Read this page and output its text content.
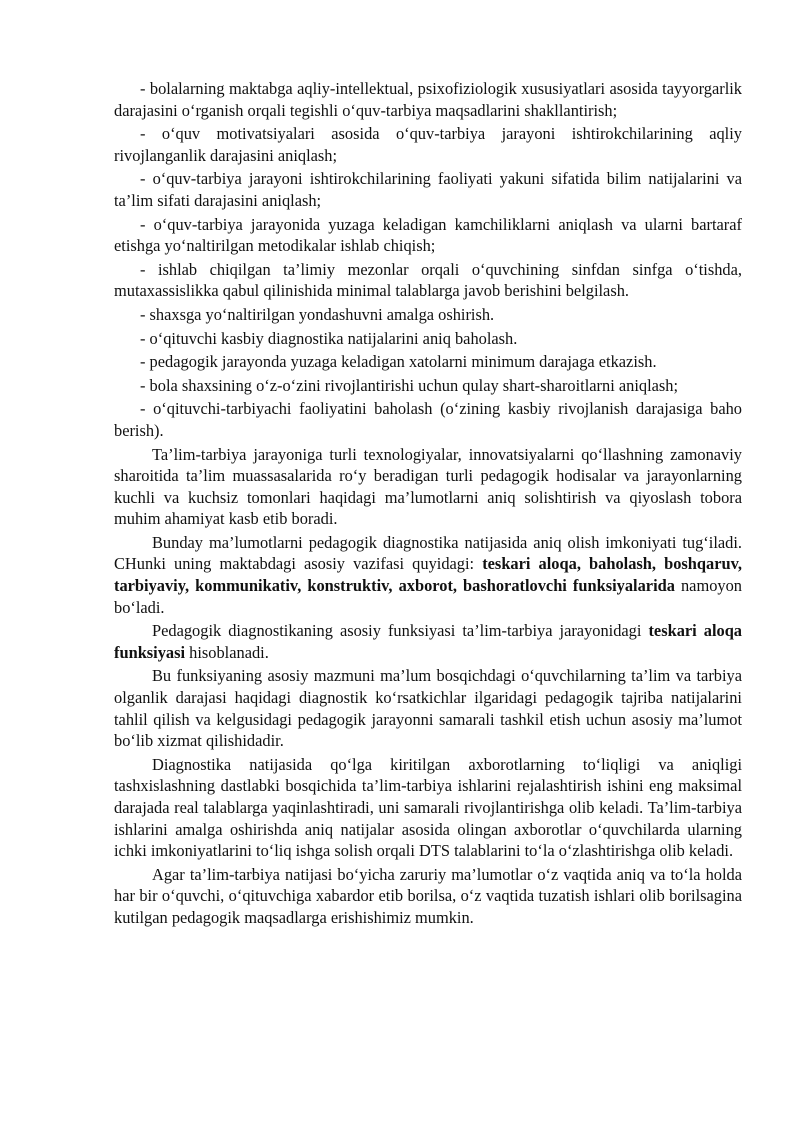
- bolalarning maktabga aqliy-intellektual, psixofiziologik xususiyatlari asosida tayyorgarlik darajasini o‘rganish orqali tegishli o‘quv-tarbiya maqsadlarini shakllantirish;

- o‘quv motivatsiyalari asosida o‘quv-tarbiya jarayoni ishtirokchilarining aqliy rivojlanganlik darajasini aniqlash;

- o‘quv-tarbiya jarayoni ishtirokchilarining faoliyati yakuni sifatida bilim natijalarini va ta’lim sifati darajasini aniqlash;

- o‘quv-tarbiya jarayonida yuzaga keladigan kamchiliklarni aniqlash va ularni bartaraf etishga yo‘naltirilgan metodikalar ishlab chiqish;

- ishlab chiqilgan ta’limiy mezonlar orqali o‘quvchining sinfdan sinfga o‘tishda, mutaxassislikka qabul qilinishida minimal talablarga javob berishini belgilash.

- shaxsga yo‘naltirilgan yondashuvni amalga oshirish.

- o‘qituvchi kasbiy diagnostika natijalarini aniq baholash.

- pedagogik jarayonda yuzaga keladigan xatolarni minimum darajaga etkazish.

- bola shaxsining o‘z-o‘zini rivojlantirishi uchun qulay shart-sharoitlarni aniqlash;

- o‘qituvchi-tarbiyachi faoliyatini baholash (o‘zining kasbiy rivojlanish darajasiga baho berish).

Ta’lim-tarbiya jarayoniga turli texnologiyalar, innovatsiyalarni qo‘llashning zamonaviy sharoitida ta’lim muassasalarida ro‘y beradigan turli pedagogik hodisalar va jarayonlarning kuchli va kuchsiz tomonlari haqidagi ma’lumotlarni aniq solishtirish va qiyoslash tobora muhim ahamiyat kasb etib boradi.

Bunday ma’lumotlarni pedagogik diagnostika natijasida aniq olish imkoniyati tug‘iladi. CHunki uning maktabdagi asosiy vazifasi quyidagi: teskari aloqa, baholash, boshqaruv, tarbiyaviy, kommunikativ, konstruktiv, axborot, bashoratlovchi funksiyalarida namoyon bo‘ladi.

Pedagogik diagnostikaning asosiy funksiyasi ta’lim-tarbiya jarayonidagi teskari aloqa funksiyasi hisoblanadi.

Bu funksiyaning asosiy mazmuni ma’lum bosqichdagi o‘quvchilarning ta’lim va tarbiya olganlik darajasi haqidagi diagnostik ko‘rsatkichlar ilgaridagi pedagogik tajriba natijalarini tahlil qilish va kelgusidagi pedagogik jarayonni samarali tashkil etish uchun asosiy ma’lumot bo‘lib xizmat qilishidadir.

Diagnostika natijasida qo‘lga kiritilgan axborotlarning to‘liqligi va aniqligi tashxislashning dastlabki bosqichida ta’lim-tarbiya ishlarini rejalashtirish ishini eng maksimal darajada real talablarga yaqinlashtiradi, uni samarali rivojlantirishga olib keladi. Ta’lim-tarbiya ishlarini amalga oshirishda aniq natijalar asosida olingan axborotlar o‘quvchilarda ularning ichki imkoniyatlarini to‘liq ishga solish orqali DTS talablarini to‘la o‘zlashtirishga olib keladi.

Agar ta’lim-tarbiya natijasi bo‘yicha zaruriy ma’lumotlar o‘z vaqtida aniq va to‘la holda har bir o‘quvchi, o‘qituvchiga xabardor etib borilsa, o‘z vaqtida tuzatish ishlari olib borilsagina kutilgan pedagogik maqsadlarga erishishimiz mumkin.
